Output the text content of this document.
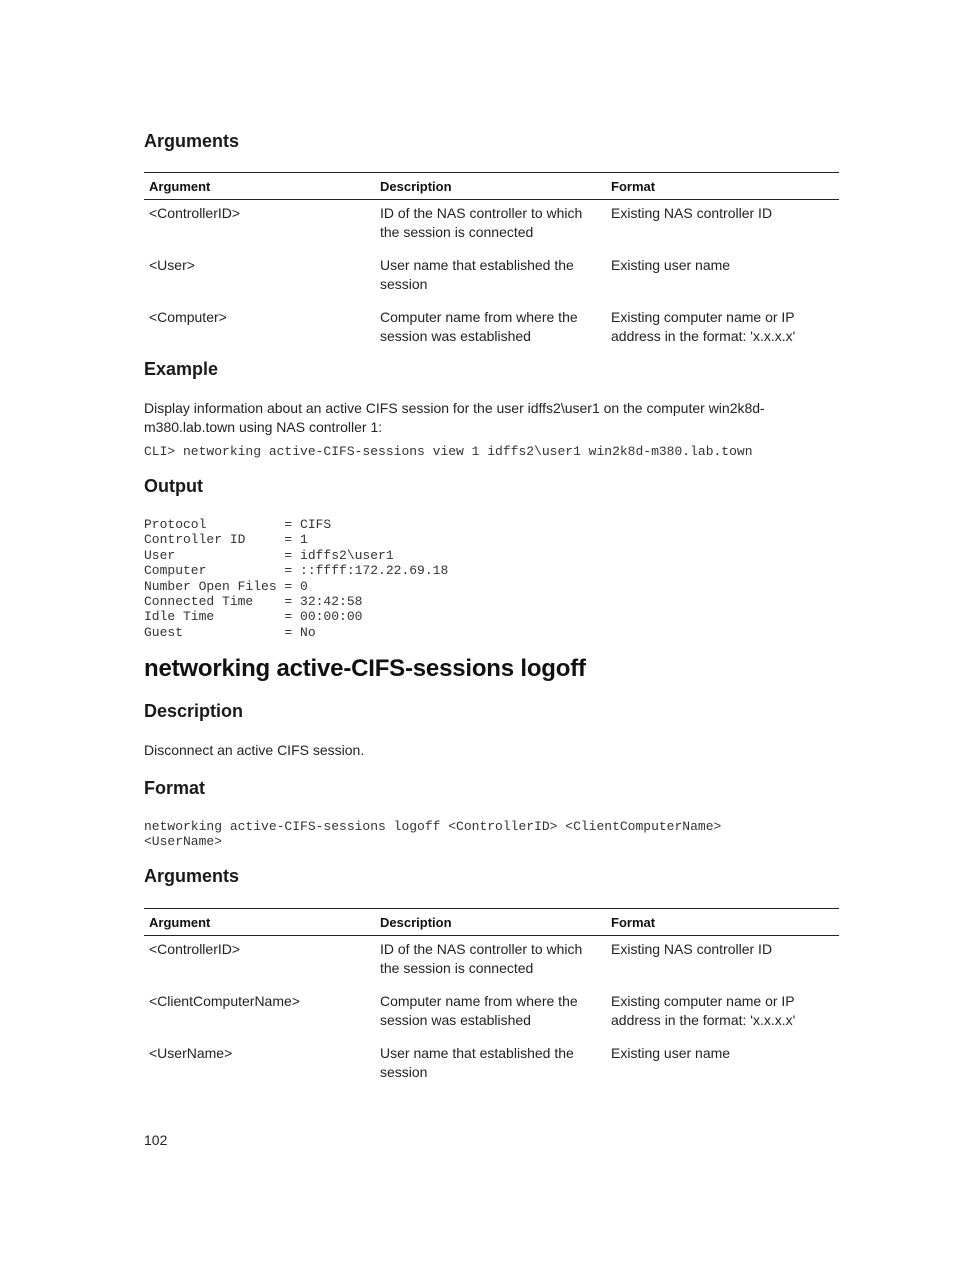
Arguments
Argument	Description	Format
<ControllerID>	ID of the NAS controller to which the session is connected	Existing NAS controller ID
<User>	User name that established the session	Existing user name
<Computer>	Computer name from where the session was established	Existing computer name or IP address in the format: 'x.x.x.x'
Example

Display information about an active CIFS session for the user idffs2\user1 on the computer win2k8d-m380.lab.town using NAS controller 1:

CLI> networking active-CIFS-sessions view 1 idffs2\user1 win2k8d-m380.lab.town
Output
Protocol          = CIFS
Controller ID     = 1
User              = idffs2\user1
Computer          = ::ffff:172.22.69.18
Number Open Files = 0
Connected Time    = 32:42:58
Idle Time         = 00:00:00
Guest             = No
networking active-CIFS-sessions logoff
Description

Disconnect an active CIFS session.

Format
networking active-CIFS-sessions logoff <ControllerID> <ClientComputerName>
<UserName>
Arguments
Argument	Description	Format
<ControllerID>	ID of the NAS controller to which the session is connected	Existing NAS controller ID
<ClientComputerName>	Computer name from where the session was established	Existing computer name or IP address in the format: 'x.x.x.x'
<UserName>	User name that established the session	Existing user name
102
